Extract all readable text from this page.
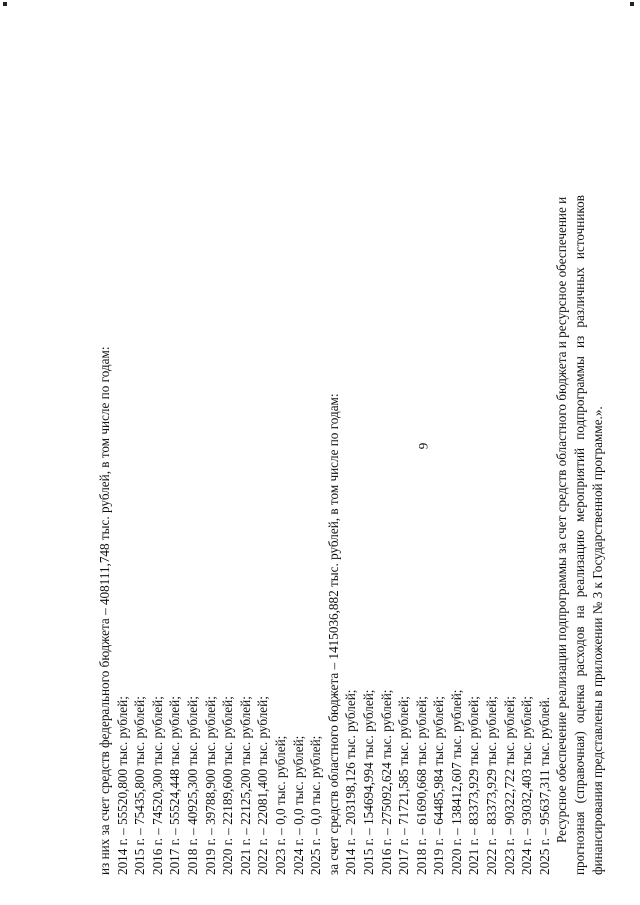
9

из них за счет средств федерального бюджета – 408111,748 тыс. рублей, в том числе по годам: 2014 г. – 55520,800 тыс. рублей; 2015 г. – 75435,800 тыс. рублей; 2016 г. – 74520,300 тыс. рублей; 2017 г. – 55524,448 тыс. рублей; 2018 г. – 40925,300 тыс. рублей; 2019 г. – 39788,900 тыс. рублей; 2020 г. – 22189,600 тыс. рублей; 2021 г. – 22125,200 тыс. рублей; 2022 г. – 22081,400 тыс. рублей; 2023 г. – 0,0 тыс. рублей; 2024 г. – 0,0 тыс. рублей; 2025 г. – 0,0 тыс. рублей; за счет средств областного бюджета – 1415036,882 тыс. рублей, в том числе по годам: 2014 г. – 203198,126 тыс. рублей; 2015 г. – 154694,994 тыс. рублей; 2016 г. – 275092,624 тыс. рублей; 2017 г. – 71721,585 тыс. рублей; 2018 г. – 61690,668 тыс. рублей; 2019 г. – 64485,984 тыс. рублей; 2020 г. – 138412,607 тыс. рублей; 2021 г. – 83373,929 тыс. рублей; 2022 г. – 83373,929 тыс. рублей; 2023 г. – 90322,722 тыс. рублей; 2024 г. – 93032,403 тыс. рублей; 2025 г. – 95637,311 тыс. рублей. Ресурсное обеспечение реализации подпрограммы за счет средств областного бюджета и ресурсное обеспечение и

прогнозная
(справочная)
оценка
расходов
на
реализацию
мероприятий
подпрограммы
из
различных
источников

финансирования представлены в приложении № 3 к Государственной программе.».
